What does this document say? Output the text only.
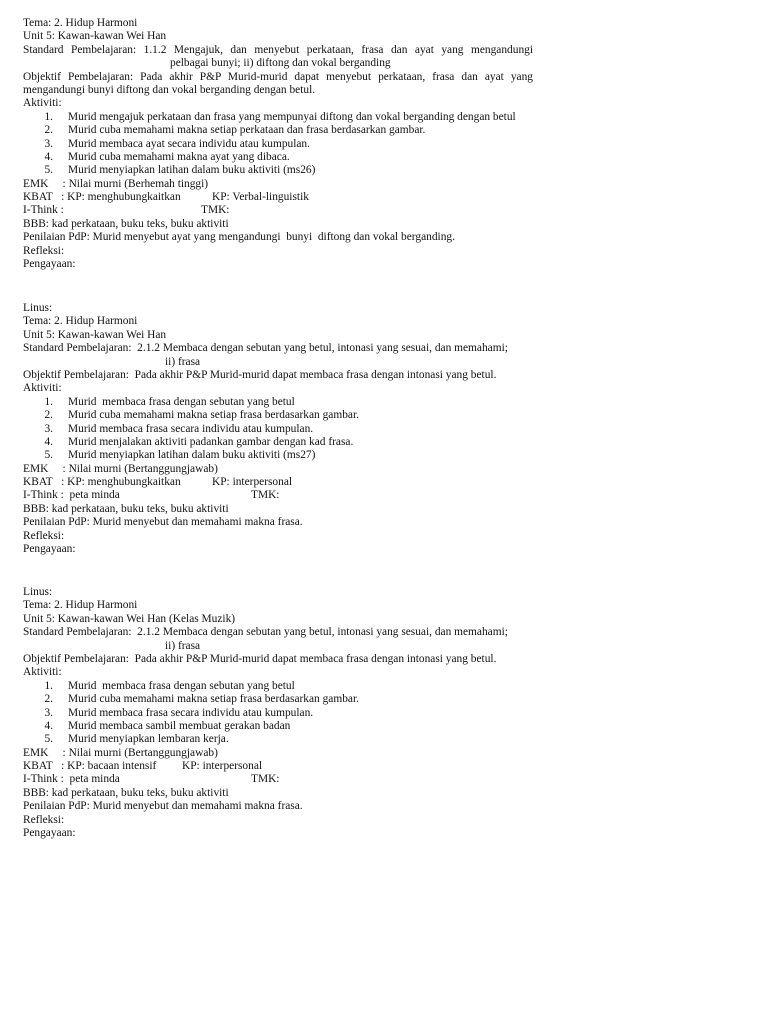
Tema: 2. Hidup Harmoni
Unit 5: Kawan-kawan Wei Han
Standard Pembelajaran: 1.1.2 Mengajuk, dan menyebut perkataan, frasa dan ayat yang mengandungi
pelbagai bunyi; ii) diftong dan vokal berganding
Objektif Pembelajaran: Pada akhir P&P Murid-murid dapat menyebut perkataan, frasa dan ayat yang
mengandungi bunyi diftong dan vokal berganding dengan betul.
Aktiviti:
1.	Murid mengajuk perkataan dan frasa yang mempunyai diftong dan vokal berganding dengan betul
2.	Murid cuba memahami makna setiap perkataan dan frasa berdasarkan gambar.
3.	Murid membaca ayat secara individu atau kumpulan.
4.	Murid cuba memahami makna ayat yang dibaca.
5.	Murid menyiapkan latihan dalam buku aktiviti (ms26)
EMK     : Nilai murni (Berhemah tinggi)
KBAT   : KP: menghubungkaitkan	KP: Verbal-linguistik
I-Think :	TMK:
BBB: kad perkataan, buku teks, buku aktiviti
Penilaian PdP: Murid menyebut ayat yang mengandungi  bunyi  diftong dan vokal berganding.
Refleksi:
Pengayaan:
Linus:
Tema: 2. Hidup Harmoni
Unit 5: Kawan-kawan Wei Han
Standard Pembelajaran:  2.1.2 Membaca dengan sebutan yang betul, intonasi yang sesuai, dan memahami;
ii) frasa
Objektif Pembelajaran:  Pada akhir P&P Murid-murid dapat membaca frasa dengan intonasi yang betul.
Aktiviti:
1.	Murid  membaca frasa dengan sebutan yang betul
2.	Murid cuba memahami makna setiap frasa berdasarkan gambar.
3.	Murid membaca frasa secara individu atau kumpulan.
4.	Murid menjalakan aktiviti padankan gambar dengan kad frasa.
5.	Murid menyiapkan latihan dalam buku aktiviti (ms27)
EMK     : Nilai murni (Bertanggungjawab)
KBAT   : KP: menghubungkaitkan	KP: interpersonal
I-Think :  peta minda	TMK:
BBB: kad perkataan, buku teks, buku aktiviti
Penilaian PdP: Murid menyebut dan memahami makna frasa.
Refleksi:
Pengayaan:
Linus:
Tema: 2. Hidup Harmoni
Unit 5: Kawan-kawan Wei Han (Kelas Muzik)
Standard Pembelajaran:  2.1.2 Membaca dengan sebutan yang betul, intonasi yang sesuai, dan memahami;
ii) frasa
Objektif Pembelajaran:  Pada akhir P&P Murid-murid dapat membaca frasa dengan intonasi yang betul.
Aktiviti:
1.	Murid  membaca frasa dengan sebutan yang betul
2.	Murid cuba memahami makna setiap frasa berdasarkan gambar.
3.	Murid membaca frasa secara individu atau kumpulan.
4.	Murid membaca sambil membuat gerakan badan
5.	Murid menyiapkan lembaran kerja.
EMK     : Nilai murni (Bertanggungjawab)
KBAT   : KP: bacaan intensif KP: interpersonal
I-Think :  peta minda	TMK:
BBB: kad perkataan, buku teks, buku aktiviti
Penilaian PdP: Murid menyebut dan memahami makna frasa.
Refleksi:
Pengayaan:
